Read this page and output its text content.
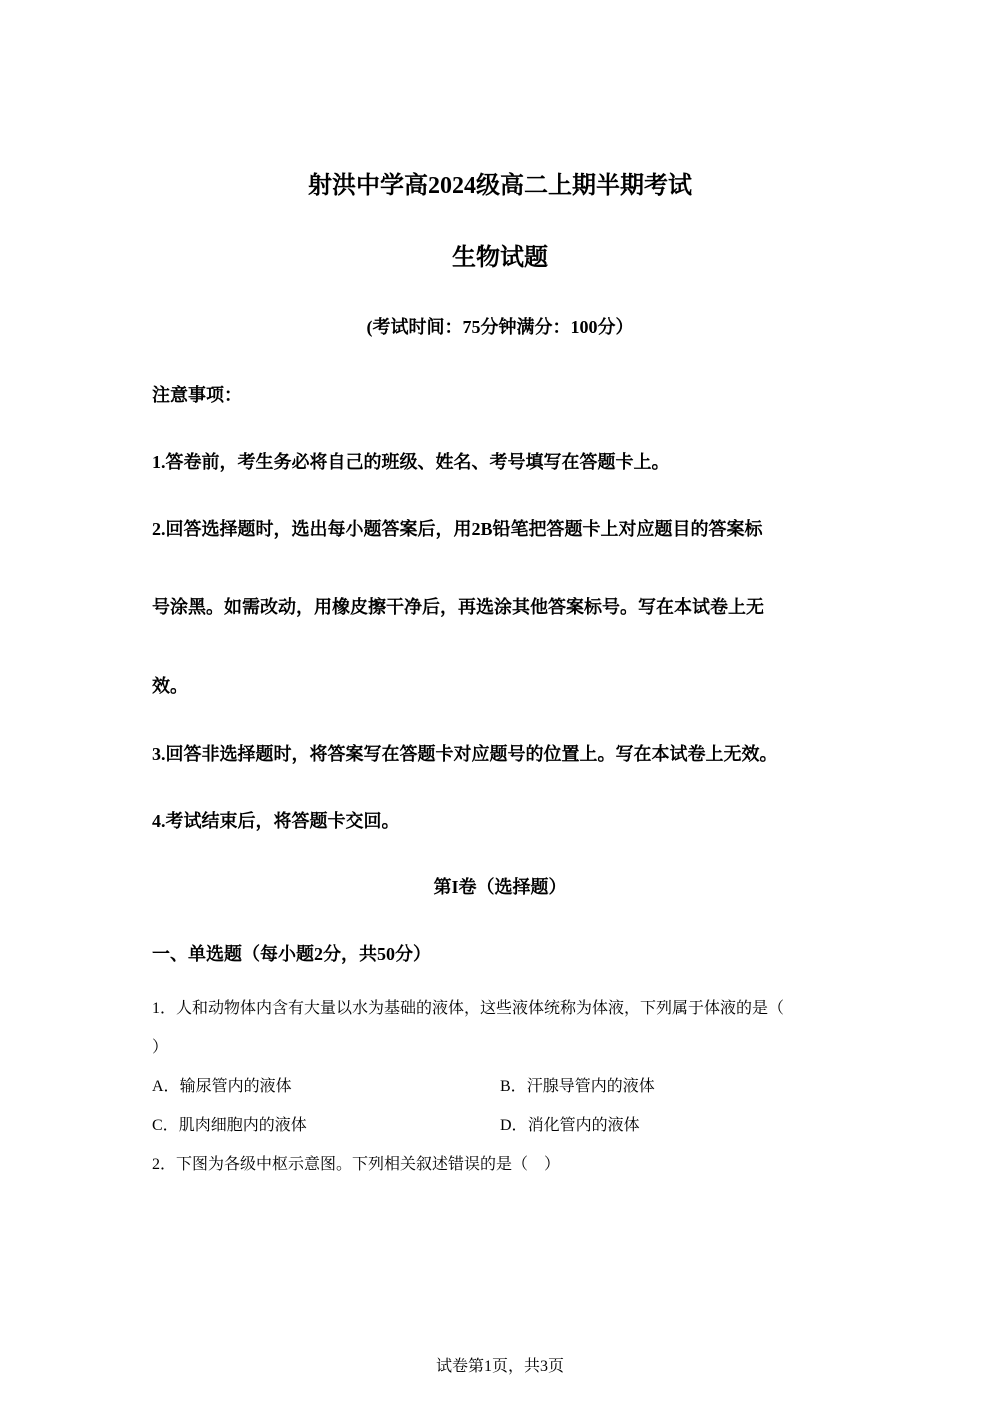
射洪中学高2024级高二上期半期考试
生物试题
(考试时间：75分钟满分：100分）
注意事项：
1.答卷前，考生务必将自己的班级、姓名、考号填写在答题卡上。
2.回答选择题时，选出每小题答案后，用2B铅笔把答题卡上对应题目的答案标
号涂黑。如需改动，用橡皮擦干净后，再选涂其他答案标号。写在本试卷上无
效。
3.回答非选择题时，将答案写在答题卡对应题号的位置上。写在本试卷上无效。
4.考试结束后，将答题卡交回。
第I卷（选择题）
一、单选题（每小题2分，共50分）
1．人和动物体内含有大量以水为基础的液体，这些液体统称为体液，下列属于体液的是（
）
A．输尿管内的液体	B．汗腺导管内的液体
C．肌肉细胞内的液体	D．消化管内的液体
2．下图为各级中枢示意图。下列相关叙述错误的是（　）
试卷第1页，共3页
